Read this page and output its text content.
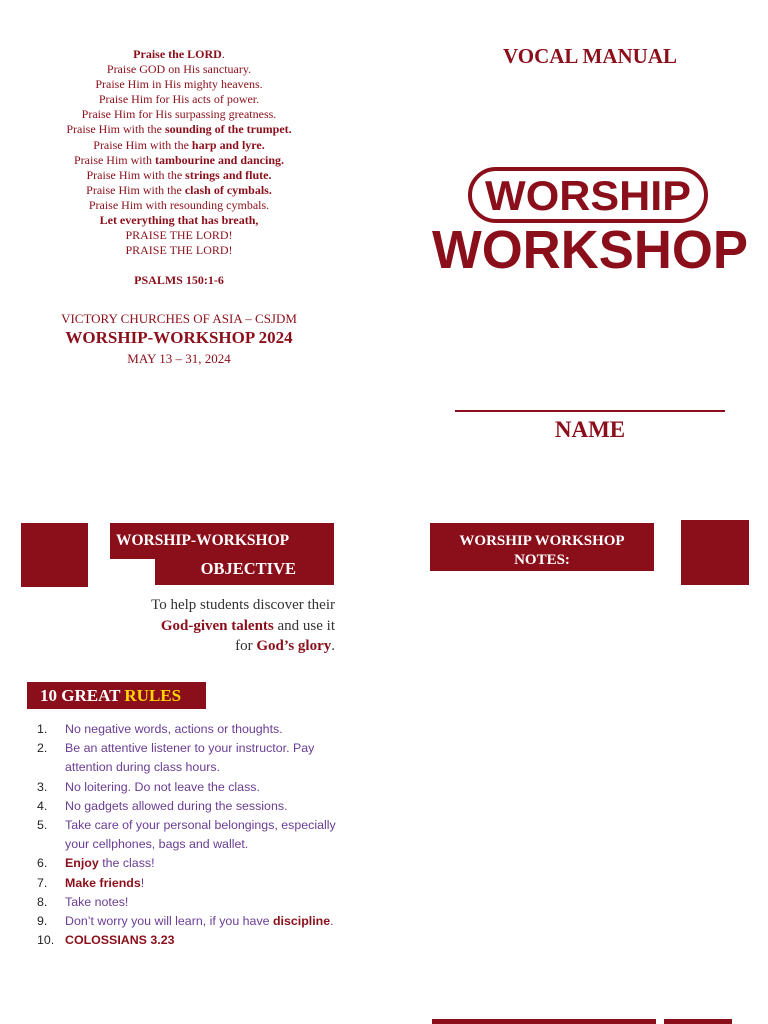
Praise the LORD.
Praise GOD on His sanctuary.
Praise Him in His mighty heavens.
Praise Him for His acts of power.
Praise Him for His surpassing greatness.
Praise Him with the sounding of the trumpet.
Praise Him with the harp and lyre.
Praise Him with tambourine and dancing.
Praise Him with the strings and flute.
Praise Him with the clash of cymbals.
Praise Him with resounding cymbals.
Let everything that has breath,
PRAISE THE LORD!
PRAISE THE LORD!
PSALMS 150:1-6
VICTORY CHURCHES OF ASIA – CSJDM
WORSHIP-WORKSHOP 2024
MAY 13 – 31, 2024
VOCAL MANUAL
WORSHIP
WORKSHOP
NAME
WORSHIP-WORKSHOP
OBJECTIVE
To help students discover their
God-given talents and use it
for God’s glory.
10 GREAT RULES
1. No negative words, actions or thoughts.
2. Be an attentive listener to your instructor. Pay attention during class hours.
3. No loitering. Do not leave the class.
4. No gadgets allowed during the sessions.
5. Take care of your personal belongings, especially your cellphones, bags and wallet.
6. Enjoy the class!
7. Make friends!
8. Take notes!
9. Don’t worry you will learn, if you have discipline.
10. COLOSSIANS 3.23
WORSHIP WORKSHOP
NOTES:
